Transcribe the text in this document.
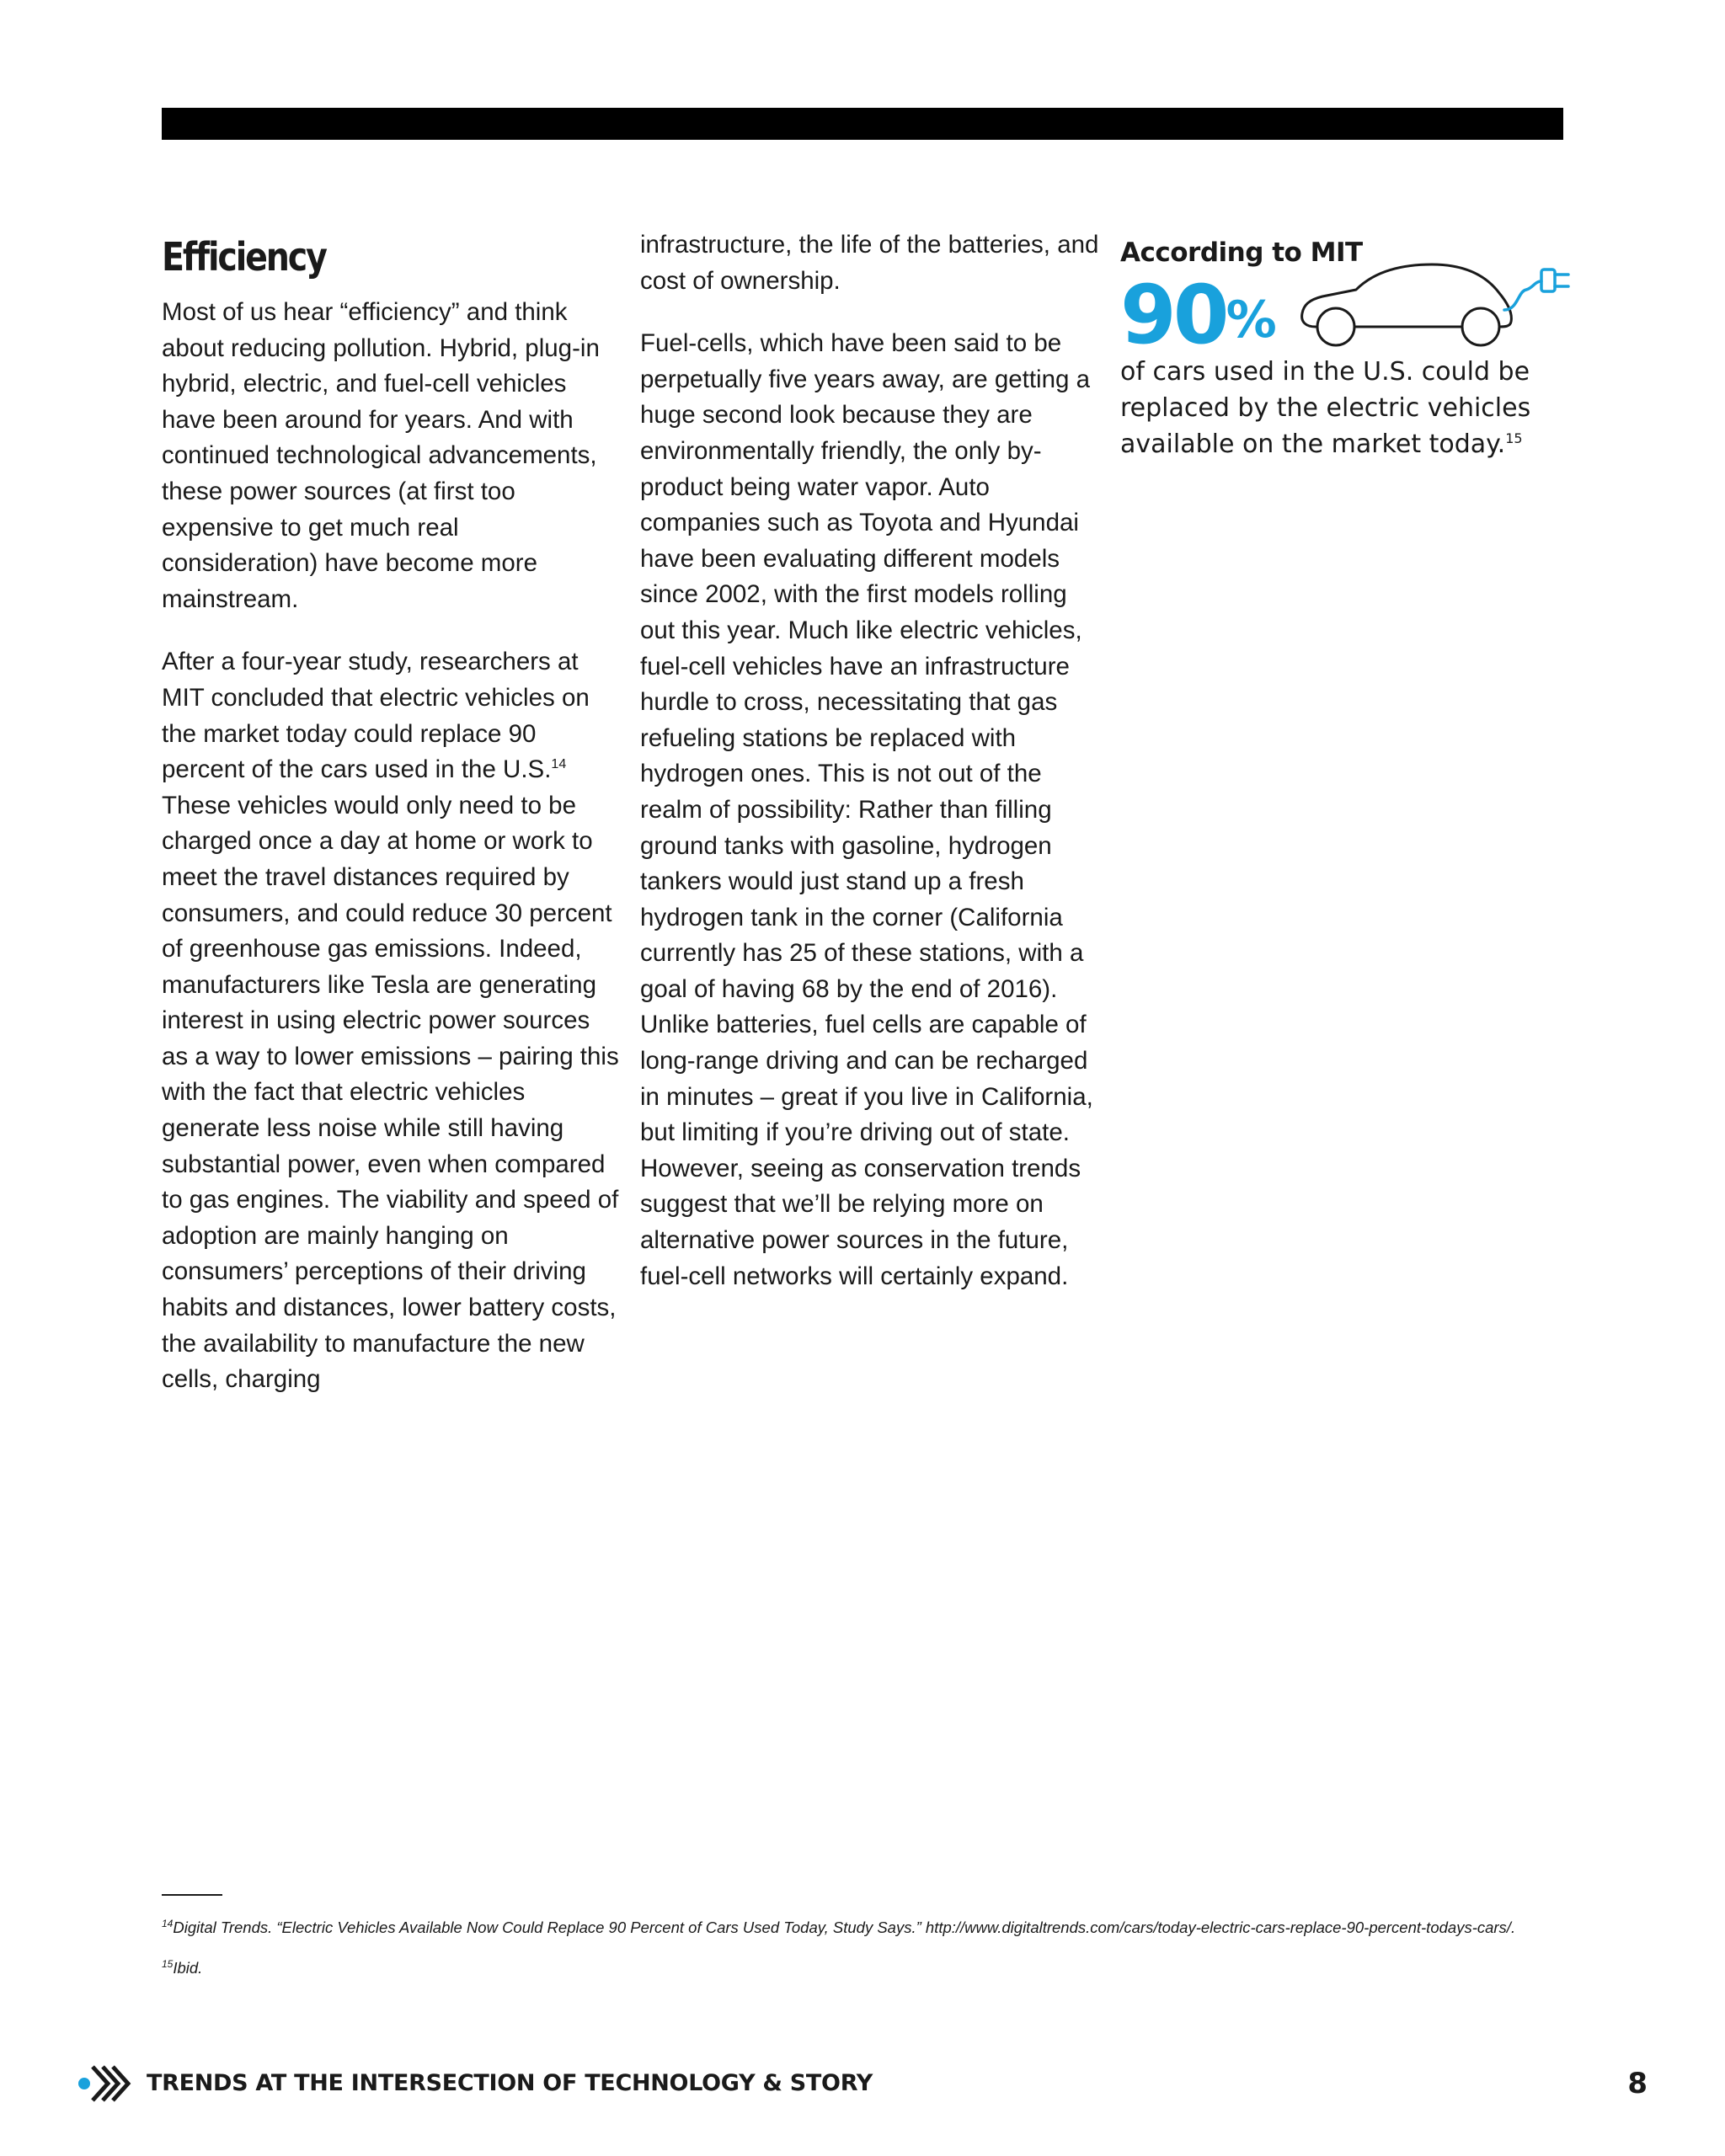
Efficiency

Most of us hear “efficiency” and think about reducing pollution. Hybrid, plug-in hybrid, electric, and fuel-cell vehicles have been around for years. And with continued technological advancements, these power sources (at first too expensive to get much real consideration) have become more mainstream.

After a four-year study, researchers at MIT concluded that electric vehicles on the market today could replace 90 percent of the cars used in the U.S.$^{14}$ These vehicles would only need to be charged once a day at home or work to meet the travel distances required by consumers, and could reduce 30 percent of greenhouse gas emissions. Indeed, manufacturers like Tesla are generating interest in using electric power sources as a way to lower emissions – pairing this with the fact that electric vehicles generate less noise while still having substantial power, even when compared to gas engines. The viability and speed of adoption are mainly hanging on consumers’ perceptions of their driving habits and distances, lower battery costs, the availability to manufacture the new cells, charging

infrastructure, the life of the batteries, and cost of ownership.

Fuel-cells, which have been said to be perpetually five years away, are getting a huge second look because they are environmentally friendly, the only by-product being water vapor. Auto companies such as Toyota and Hyundai have been evaluating different models since 2002, with the first models rolling out this year. Much like electric vehicles, fuel-cell vehicles have an infrastructure hurdle to cross, necessitating that gas refueling stations be replaced with hydrogen ones. This is not out of the realm of possibility: Rather than filling ground tanks with gasoline, hydrogen tankers would just stand up a fresh hydrogen tank in the corner (California currently has 25 of these stations, with a goal of having 68 by the end of 2016). Unlike batteries, fuel cells are capable of long-range driving and can be recharged in minutes – great if you live in California, but limiting if you’re driving out of state. However, seeing as conservation trends suggest that we’ll be relying more on alternative power sources in the future, fuel-cell networks will certainly expand.

According to MIT

90%

of cars used in the U.S. could be replaced by the electric vehicles available on the market today.$^{15}$

$^{14}$Digital Trends. “Electric Vehicles Available Now Could Replace 90 Percent of Cars Used Today, Study Says.” http://www.digitaltrends.com/cars/today-electric-cars-replace-90-percent-todays-cars/.

$^{15}$Ibid.

TRENDS AT THE INTERSECTION OF TECHNOLOGY & STORY	8
